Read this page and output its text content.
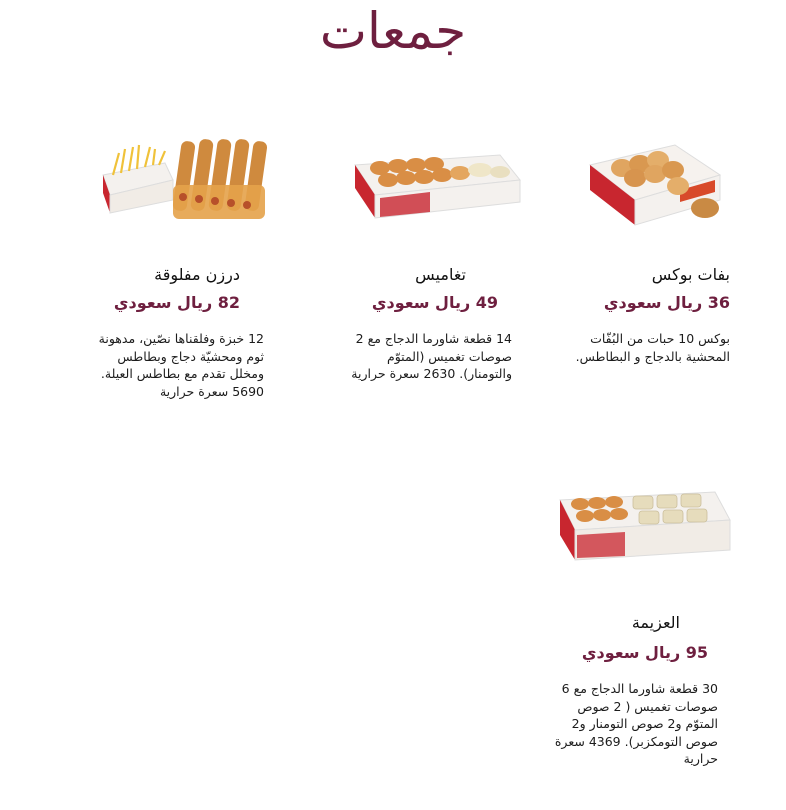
جمعات
بفات بوكس
36 ريال سعودي
بوكس 10 حبات من البُفّات المحشية بالدجاج و البطاطس.
تغاميس
49 ريال سعودي
14 قطعة شاورما الدجاج مع 2 صوصات تغميس (المتوّم والتومنار). 2630 سعرة حرارية
درزن مفلوقة
82 ريال سعودي
12 خبزة وفلقناها نصّين، مدهونة ثوم ومحشيّة دجاج وبطاطس ومخلل تقدم مع بطاطس العيلة. 5690 سعرة حرارية
العزيمة
95 ريال سعودي
30 قطعة شاورما الدجاج مع 6 صوصات تغميس ( 2 صوص المتوّم و2 صوص التومنار و2 صوص التومكزبر). 4369 سعرة حرارية
